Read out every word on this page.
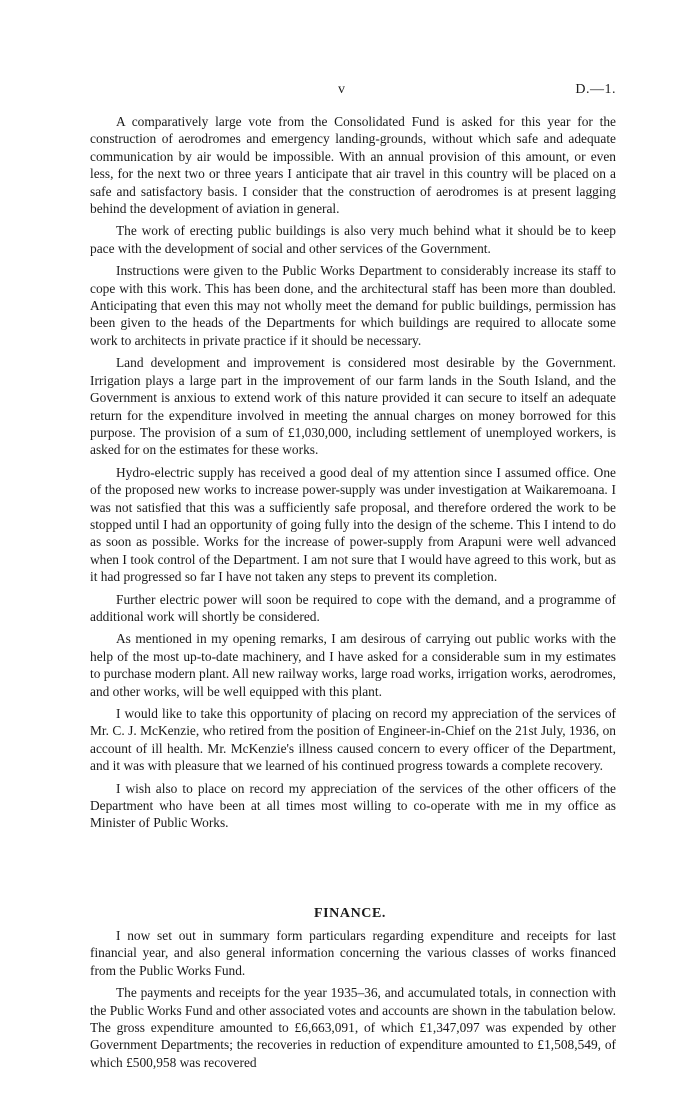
v	D.—1.

A comparatively large vote from the Consolidated Fund is asked for this year for the construction of aerodromes and emergency landing-grounds, without which safe and adequate communication by air would be impossible. With an annual provision of this amount, or even less, for the next two or three years I anticipate that air travel in this country will be placed on a safe and satisfactory basis. I consider that the construction of aerodromes is at present lagging behind the development of aviation in general.

The work of erecting public buildings is also very much behind what it should be to keep pace with the development of social and other services of the Government.

Instructions were given to the Public Works Department to considerably increase its staff to cope with this work. This has been done, and the architectural staff has been more than doubled. Anticipating that even this may not wholly meet the demand for public buildings, permission has been given to the heads of the Departments for which buildings are required to allocate some work to architects in private practice if it should be necessary.

Land development and improvement is considered most desirable by the Government. Irrigation plays a large part in the improvement of our farm lands in the South Island, and the Government is anxious to extend work of this nature provided it can secure to itself an adequate return for the expenditure involved in meeting the annual charges on money borrowed for this purpose. The provision of a sum of £1,030,000, including settlement of unemployed workers, is asked for on the estimates for these works.

Hydro-electric supply has received a good deal of my attention since I assumed office. One of the proposed new works to increase power-supply was under investigation at Waikaremoana. I was not satisfied that this was a sufficiently safe proposal, and therefore ordered the work to be stopped until I had an opportunity of going fully into the design of the scheme. This I intend to do as soon as possible. Works for the increase of power-supply from Arapuni were well advanced when I took control of the Department. I am not sure that I would have agreed to this work, but as it had progressed so far I have not taken any steps to prevent its completion.

Further electric power will soon be required to cope with the demand, and a programme of additional work will shortly be considered.

As mentioned in my opening remarks, I am desirous of carrying out public works with the help of the most up-to-date machinery, and I have asked for a considerable sum in my estimates to purchase modern plant. All new railway works, large road works, irrigation works, aerodromes, and other works, will be well equipped with this plant.

I would like to take this opportunity of placing on record my appreciation of the services of Mr. C. J. McKenzie, who retired from the position of Engineer-in-Chief on the 21st July, 1936, on account of ill health. Mr. McKenzie's illness caused concern to every officer of the Department, and it was with pleasure that we learned of his continued progress towards a complete recovery.

I wish also to place on record my appreciation of the services of the other officers of the Department who have been at all times most willing to co-operate with me in my office as Minister of Public Works.

FINANCE.

I now set out in summary form particulars regarding expenditure and receipts for last financial year, and also general information concerning the various classes of works financed from the Public Works Fund.

The payments and receipts for the year 1935–36, and accumulated totals, in connection with the Public Works Fund and other associated votes and accounts are shown in the tabulation below. The gross expenditure amounted to £6,663,091, of which £1,347,097 was expended by other Government Departments; the recoveries in reduction of expenditure amounted to £1,508,549, of which £500,958 was recovered
